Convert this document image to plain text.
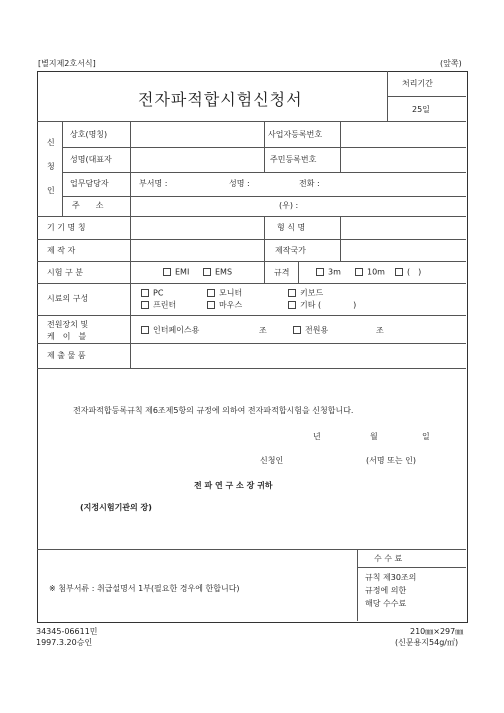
[별지제2호서식]	(앞쪽)
전자파적합시험신청서
처리기간
25일
신
청
인
상호(명칭)	사업자등록번호
성명(대표자	주민등록번호
업무담당자	부서명 :	성명 :	전화 :
주　　소	(우) :
기 기 명 칭	형 식 명
제 작 자	제작국가
시험 구 분	EMI	EMS	규격	3m	10m	(　)
시료의 구성
PC	모니터	키보드
프린터	마우스	기타 (　　　　)
전원장치 및
케　이　블
인터페이스용	조	전원용	조
제 출 물 품
전자파적합등록규칙 제6조제5항의 규정에 의하여 전자파적합시험을 신청합니다.
년	월	일
신청인	(서명 또는 인)
전 파 연 구 소 장 귀하
(지정시험기관의 장)
※ 첨부서류 : 취급설명서 1부(필요한 경우에 한합니다)
수 수 료
규칙 제30조의
규정에 의한
해당 수수료
34345-06611민
1997.3.20승인
210㎜×297㎜
(신문용지54g/㎡)
